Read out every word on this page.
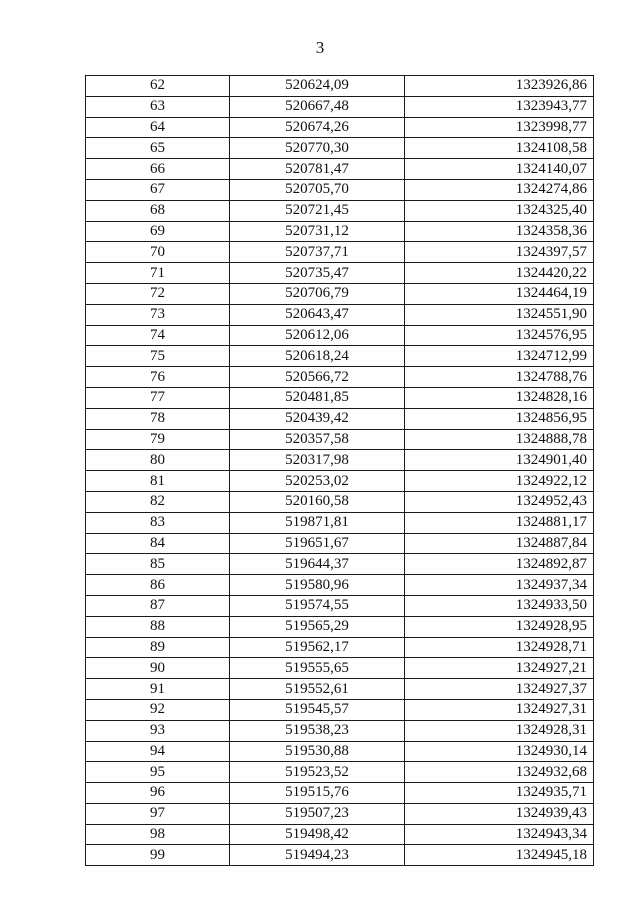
3
62	520624,09	1323926,86
63	520667,48	1323943,77
64	520674,26	1323998,77
65	520770,30	1324108,58
66	520781,47	1324140,07
67	520705,70	1324274,86
68	520721,45	1324325,40
69	520731,12	1324358,36
70	520737,71	1324397,57
71	520735,47	1324420,22
72	520706,79	1324464,19
73	520643,47	1324551,90
74	520612,06	1324576,95
75	520618,24	1324712,99
76	520566,72	1324788,76
77	520481,85	1324828,16
78	520439,42	1324856,95
79	520357,58	1324888,78
80	520317,98	1324901,40
81	520253,02	1324922,12
82	520160,58	1324952,43
83	519871,81	1324881,17
84	519651,67	1324887,84
85	519644,37	1324892,87
86	519580,96	1324937,34
87	519574,55	1324933,50
88	519565,29	1324928,95
89	519562,17	1324928,71
90	519555,65	1324927,21
91	519552,61	1324927,37
92	519545,57	1324927,31
93	519538,23	1324928,31
94	519530,88	1324930,14
95	519523,52	1324932,68
96	519515,76	1324935,71
97	519507,23	1324939,43
98	519498,42	1324943,34
99	519494,23	1324945,18
